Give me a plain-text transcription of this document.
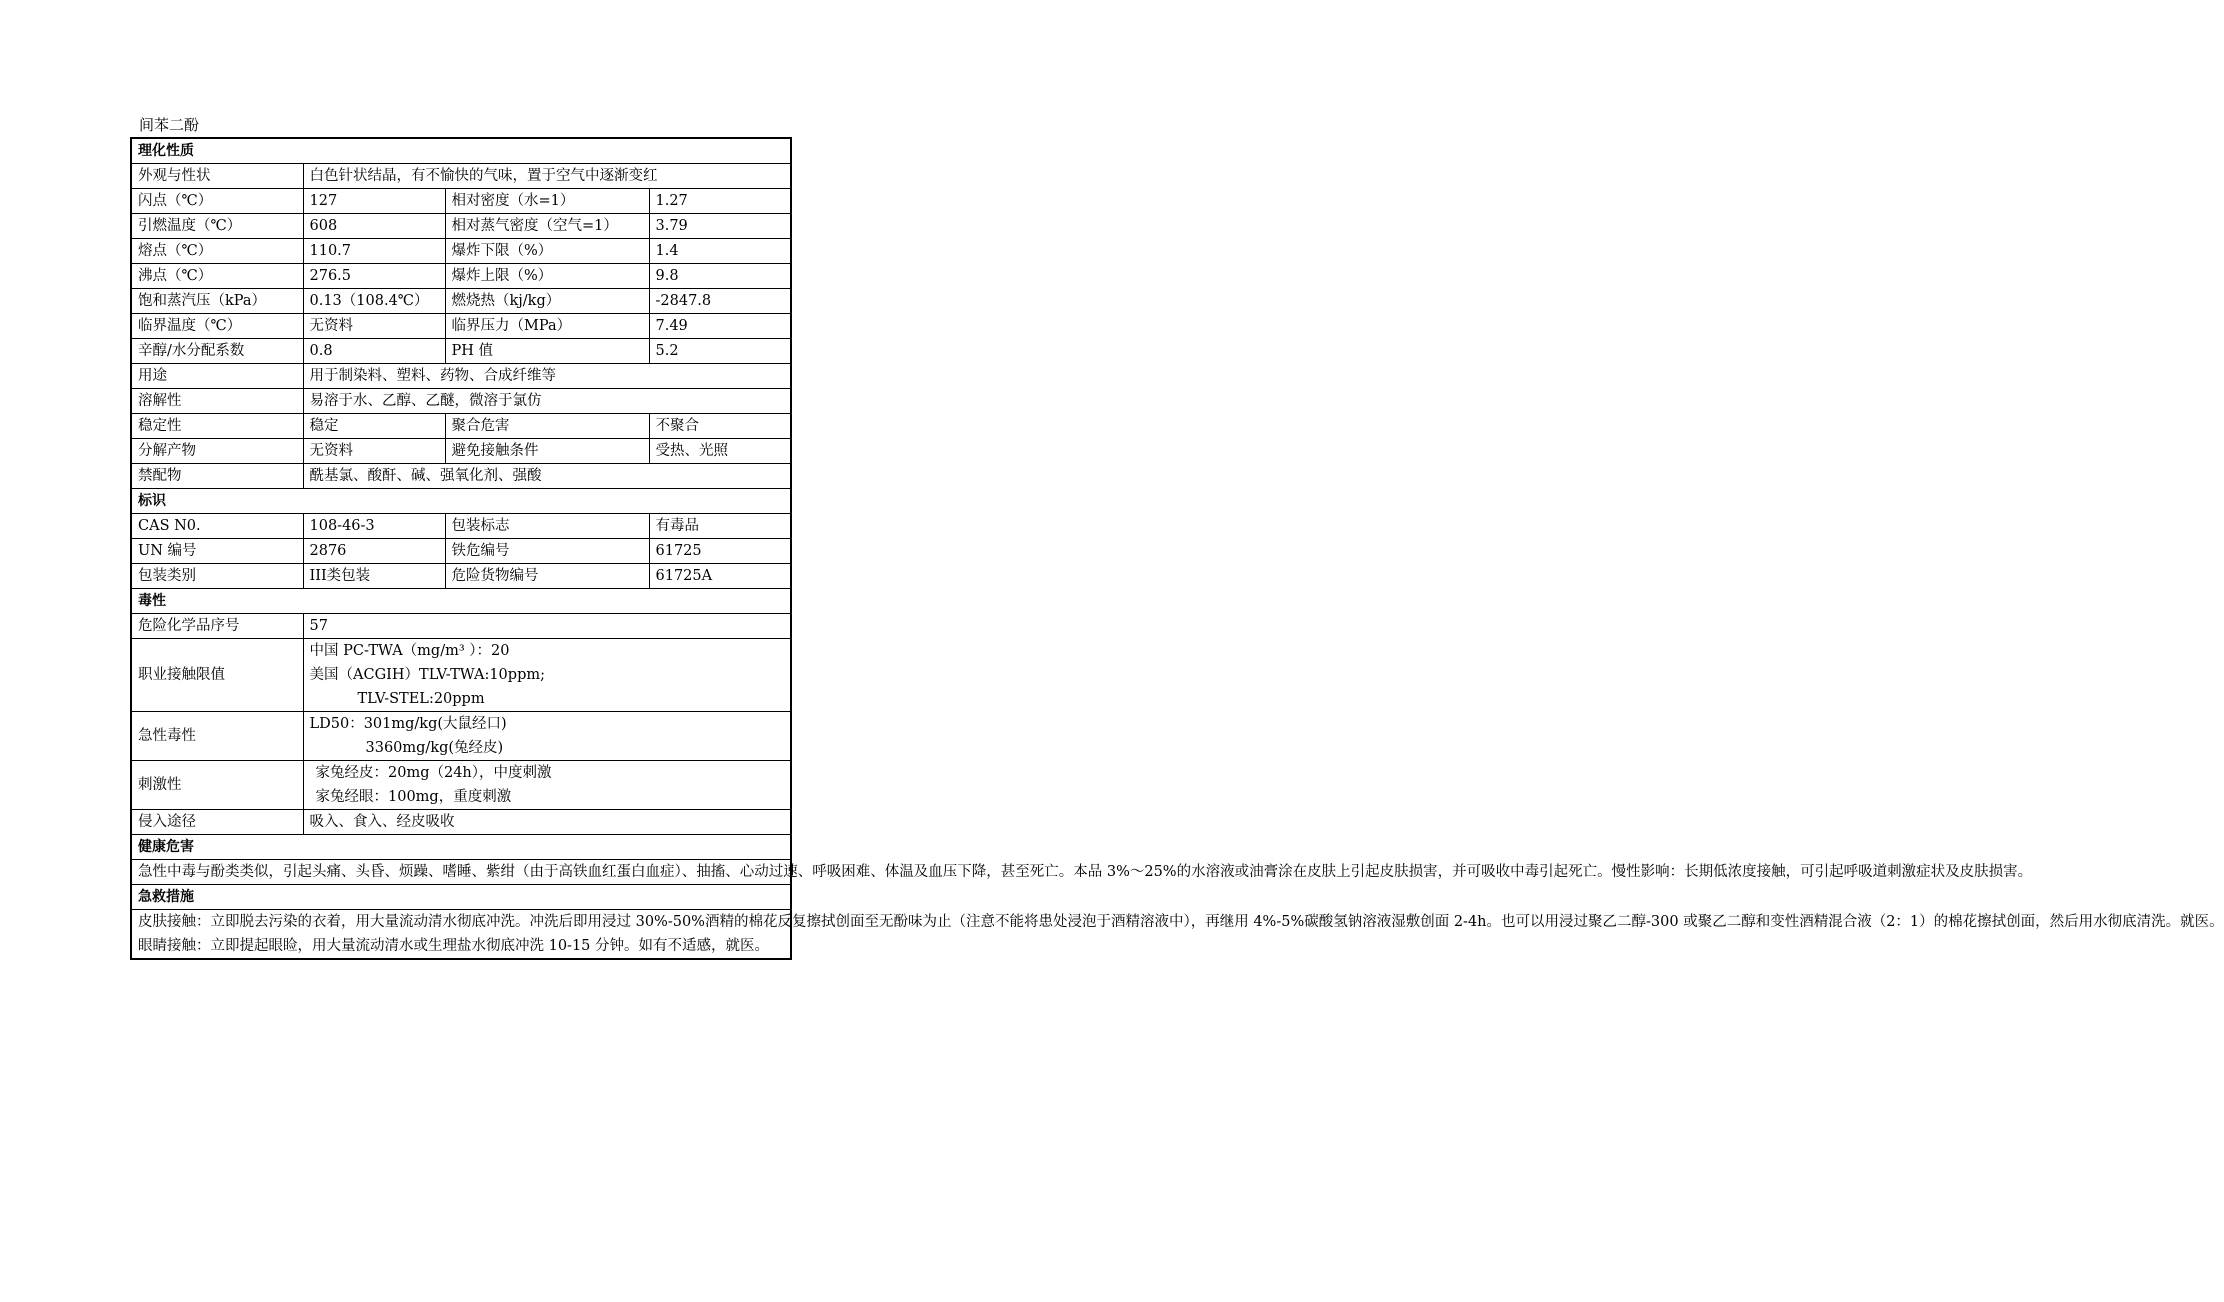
间苯二酚
理化性质			
外观与性状	白色针状结晶，有不愉快的气味，置于空气中逐渐变红		
闪点（℃）	127	相对密度（水=1）	1.27
引燃温度（℃）	608	相对蒸气密度（空气=1）	3.79
熔点（℃）	110.7	爆炸下限（%）	1.4
沸点（℃）	276.5	爆炸上限（%）	9.8
饱和蒸汽压（kPa）	0.13（108.4℃）	燃烧热（kj/kg）	-2847.8
临界温度（℃）	无资料	临界压力（MPa）	7.49
辛醇/水分配系数	0.8	PH 值	5.2
用途	用于制染料、塑料、药物、合成纤维等		
溶解性	易溶于水、乙醇、乙醚，微溶于氯仿		
稳定性	稳定	聚合危害	不聚合
分解产物	无资料	避免接触条件	受热、光照
禁配物	酰基氯、酸酐、碱、强氧化剂、强酸		
标识			
CAS N0.	108-46-3	包装标志	有毒品
UN 编号	2876	铁危编号	61725
包装类别	III类包装	危险货物编号	61725A
毒性			
危险化学品序号	57		
职业接触限值	中国 PC-TWA（mg/m³ ）：20
美国（ACGIH）TLV-TWA:10ppm;
TLV-STEL:20ppm		

急性毒性	LD50：301mg/kg(大鼠经口)
3360mg/kg(兔经皮)		

刺激性	家兔经皮：20mg（24h），中度刺激
家兔经眼：100mg，重度刺激		

侵入途径	吸入、食入、经皮吸收		
健康危害			
急性中毒与酚类类似，引起头痛、头昏、烦躁、嗜睡、紫绀（由于高铁血红蛋白血症）、抽搐、心动过速、呼吸困难、体温及血压下降，甚至死亡。本品 3%～25%的水溶液或油膏涂在皮肤上引起皮肤损害，并可吸收中毒引起死亡。慢性影响：长期低浓度接触，可引起呼吸道刺激症状及皮肤损害。			
急救措施			

皮肤接触：立即脱去污染的衣着，用大量流动清水彻底冲洗。冲洗后即用浸过 30%-50%酒精的棉花反复擦拭创面至无酚味为止（注意不能将患处浸泡于酒精溶液中），再继用 4%-5%碳酸氢钠溶液湿敷创面 2-4h。也可以用浸过聚乙二醇-300 或聚乙二醇和变性酒精混合液（2：1）的棉花擦拭创面，然后用水彻底清洗。就医。
眼睛接触：立即提起眼睑，用大量流动清水或生理盐水彻底冲洗 10-15 分钟。如有不适感，就医。			
